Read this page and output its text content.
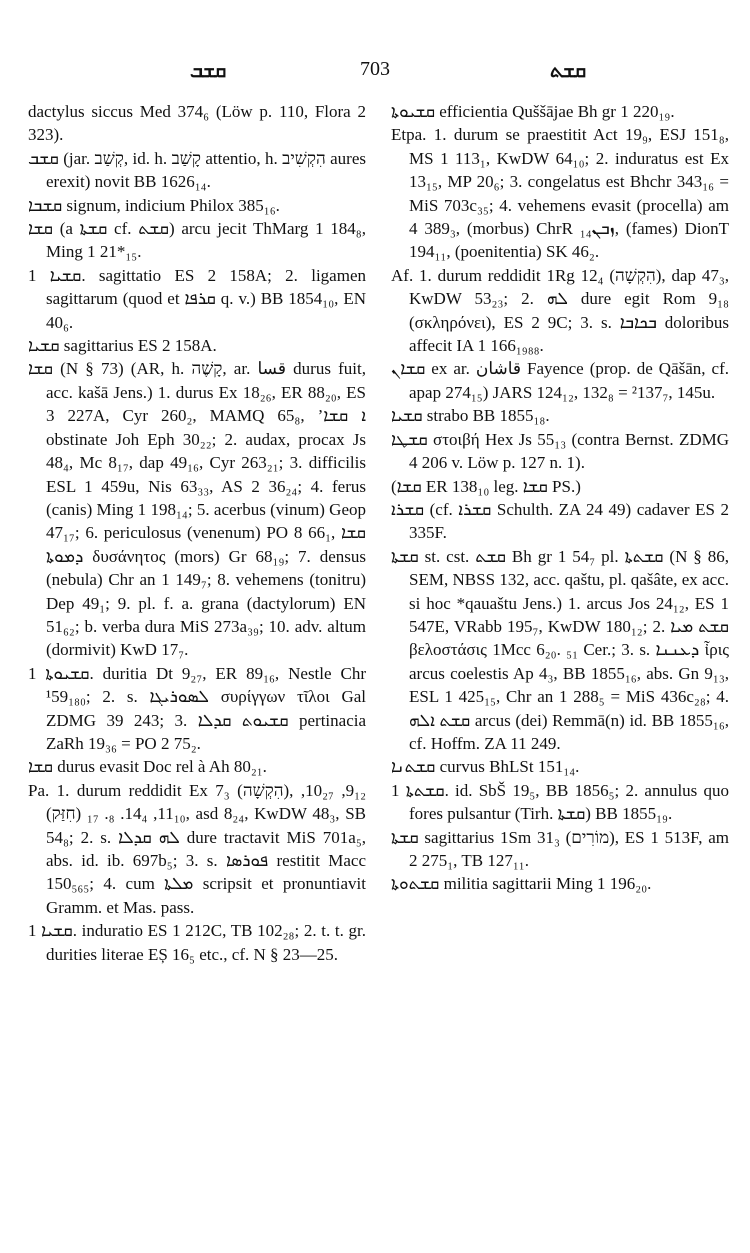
ܩܫܒ	703	ܩܫܬ

dactylus siccus Med 374₆ (Löw p. 110, Flora 2 323).

ܩܫܒ (jar. קְשַׁב, id. h. קָשַׁב attentio, h. הִקְשִׁיב aures erexit) novit BB 1626₁₄.

ܩܫܒܐ signum, indicium Philox 385₁₆.

ܩܫܐ (a ܩܫܬܐ cf. ܩܫܬ) arcu jecit ThMarg 1 184₈, Ming 1 21*₁₅.

ܩܫܝܐ 1. sagittatio ES 2 158A; 2. ligamen sagittarum (quod et ܩܪܦܐ q. v.) BB 1854₁₀, EN 40₆.

ܩܫܝܐ sagittarius ES 2 158A.

ܩܫܐ (N § 73) (AR, h. קָשֶׁה, ar. قسا durus fuit, acc. kašā Jens.) 1. durus Ex 18₂₆, ER 88₂₀, ES 3 227A, Cyr 260₂, MAMQ 65₈, ’ܐ ܩܫܐ obstinate Joh Eph 30₂₂; 2. audax, procax Js 48₄, Mc 8₁₇, dap 49₁₆, Cyr 263₂₁; 3. difficilis ESL 1 459u, Nis 63₃₃, AS 2 36₂₄; 4. ferus (canis) Ming 1 198₁₄; 5. acerbus (vinum) Geop 47₁₇; 6. periculosus (venenum) PO 8 66₁, ܩܫܐ ܕܡܘܬܐ δυσάνητος (mors) Gr 68₁₉; 7. densus (nebula) Chr an 1 149₇; 8. vehemens (tonitru) Dep 49₁; 9. pl. f. a. grana (dactylorum) EN 51₆₂; b. verba dura MiS 273a₃₉; 10. adv. altum (dormivit) KwD 17₇.

ܩܫܝܘܬܐ 1. duritia Dt 9₂₇, ER 89₁₆, Nestle Chr ¹59₁₈₀; 2. s. ܠܣܘܪܝܓܐ συρίγγων τῖλοι Gal ZDMG 39 243; 3. ܩܫܝܘܬ ܩܕܠܐ pertinacia ZaRh 19₃₆ = PO 2 75₂.

ܩܫܐ durus evasit Doc rel à Ah 80₂₁.

Pa. 1. durum reddidit Ex 7₃ (הִקְשָׁה), 9₁₂, 10₂₇, 11₁₀, 14₄. ₈. ₁₇ (חִזַּק), asd 8₂₄, KwDW 48₃, SB 54₈; 2. s. ܠܗ ܩܕܠܐ dure tractavit MiS 701a₅, abs. id. ib. 697b₅; 3. s. ܦܘܪܣܐ restitit Macc 150₅₆₅; 4. cum ܡܠܬܐ scripsit et pronuntiavit Gramm. et Mas. pass.

ܩܫܝܐ 1. induratio ES 1 212C, TB 102₂₈; 2. t. t. gr. durities literae EȘ 16₅ etc., cf. N § 23—25.

ܩܫܝܘܬܐ efficientia Quššājae Bh gr 1 220₁₉.

Etpa. 1. durum se praestitit Act 19₉, ESJ 151₈, MS 1 113₁, KwDW 64₁₀; 2. induratus est Ex 13₁₅, MP 20₆; 3. congelatus est Bhchr 343₁₆ = MiS 703c₃₅; 4. vehemens evasit (procella) am 4 389₃, (morbus) ChrR ܙܒܢ₁₄, (fames) DionT 194₁₁, (poenitentia) SK 46₂.

Af. 1. durum reddidit 1Rg 12₄ (הִקְשָׁה), dap 47₃, KwDW 53₂₃; 2. ܠܗ dure egit Rom 9₁₈ (σκληρόνει), ES 2 9C; 3. s. ܒܟܐܒܐ doloribus affecit IA 1 166₁₉₈₈.

ܩܫܐܢ ex ar. قاشان Fayence (prop. de Qāšān, cf. apap 274₁₅) JARS 124₁₂, 132₈ = ²137₇, 145u.

ܩܫܝܐ strabo BB 1855₁₈.

ܩܫܛܐ στοιβή Hex Js 55₁₃ (contra Bernst. ZDMG 4 206 v. Löw p. 127 n. 1).

(ܩܫܐ ER 138₁₀ leg. ܩܫܐ PS.)

ܩܫܪܐ (cf. ܩܫܪܐ Schulth. ZA 24 49) cadaver ES 2 335F.

ܩܫܬܐ st. cst. ܩܫܬ Bh gr 1 54₇ pl. ܩܫܬܬܐ (N § 86, SEM, NBSS 132, acc. qaštu, pl. qašâte, ex acc. si hoc *qauaštu Jens.) 1. arcus Jos 24₁₂, ES 1 547E, VRabb 195₇, KwDW 180₁₂; 2. ܩܫܬ ܡܝܐ βελοστάσις 1Mcc 6₂₀. ₅₁ Cer.; 3. s. ܕܥܢܢܐ ἶρις arcus coelestis Ap 4₃, BB 1855₁₆, abs. Gn 9₁₃, ESL 1 425₁₅, Chr an 1 288₅ = MiS 436c₂₈; 4. ܩܫܬ ܐܠܗ arcus (dei) Remmā(n) id. BB 1855₁₆, cf. Hoffm. ZA 11 249.

ܩܫܬܢܐ curvus BhLSt 151₁₄.

ܩܫܬܬܐ 1. id. SbŠ 19₅, BB 1856₅; 2. annulus quo fores pulsantur (Tirh. ܩܫܬܐ) BB 1855₁₉.

ܩܫܬܐ sagittarius 1Sm 31₃ (מוֹרִים), ES 1 513F, am 2 275₁, TB 127₁₁.

ܩܫܬܘܬܐ militia sagittarii Ming 1 196₂₀.
